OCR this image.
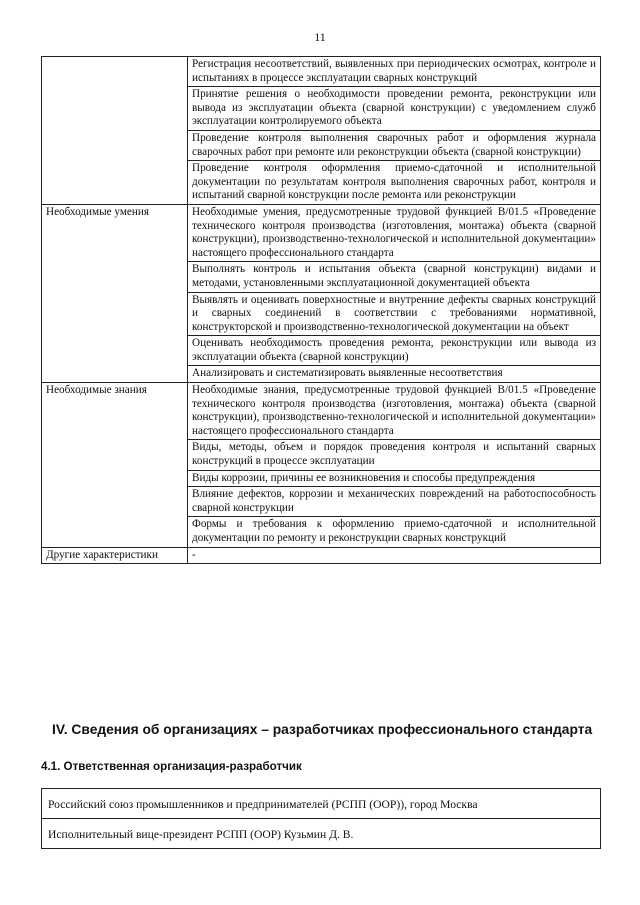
11
	Регистрация несоответствий, выявленных при периодических осмотрах, контроле и испытаниях в процессе эксплуатации сварных конструкций
	Принятие решения о необходимости проведении ремонта, реконструкции или вывода из эксплуатации объекта (сварной конструкции) с уведомлением служб эксплуатации контролируемого объекта
	Проведение контроля выполнения сварочных работ и оформления журнала сварочных работ при ремонте или реконструкции объекта (сварной конструкции)
	Проведение контроля оформления приемо-сдаточной и исполнительной документации по результатам контроля выполнения сварочных работ, контроля и испытаний сварной конструкции после ремонта или реконструкции
Необходимые умения	Необходимые умения, предусмотренные трудовой функцией В/01.5 «Проведение технического контроля производства (изготовления, монтажа) объекта (сварной конструкции), производственно-технологической и исполнительной документации» настоящего профессионального стандарта
	Выполнять контроль и испытания объекта (сварной конструкции) видами и методами, установленными эксплуатационной документацией объекта
	Выявлять и оценивать поверхностные и внутренние дефекты сварных конструкций и сварных соединений в соответствии с требованиями нормативной, конструкторской и производственно-технологической документации на объект
	Оценивать необходимость проведения ремонта, реконструкции или вывода из эксплуатации объекта (сварной конструкции)
	Анализировать и систематизировать выявленные несоответствия
Необходимые знания	Необходимые знания, предусмотренные трудовой функцией В/01.5 «Проведение технического контроля производства (изготовления, монтажа) объекта (сварной конструкции), производственно-технологической и исполнительной документации» настоящего профессионального стандарта
	Виды, методы, объем и порядок проведения контроля и испытаний сварных конструкций в процессе эксплуатации
	Виды коррозии, причины ее возникновения и способы предупреждения
	Влияние дефектов, коррозии и механических повреждений на работоспособность сварной конструкции
	Формы и требования к оформлению приемо-сдаточной и исполнительной документации по ремонту и реконструкции сварных конструкций
Другие характеристики	-
IV. Сведения об организациях – разработчиках профессионального стандарта
4.1. Ответственная организация-разработчик
Российский союз промышленников и предпринимателей (РСПП (ООР)), город Москва
Исполнительный вице-президент РСПП (ООР) Кузьмин Д. В.
